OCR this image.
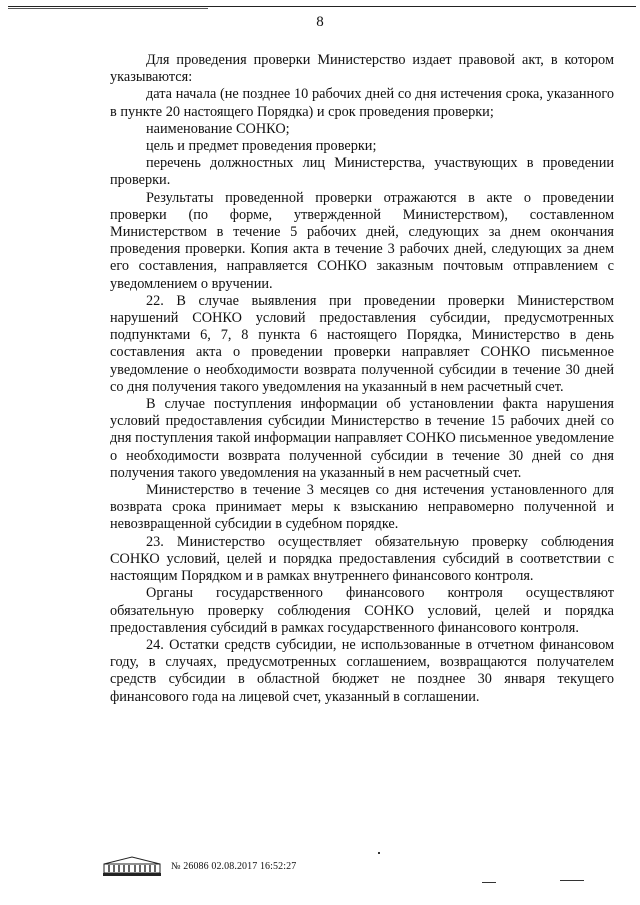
8

Для проведения проверки Министерство издает правовой акт, в котором указываются:

дата начала (не позднее 10 рабочих дней со дня истечения срока, указанного в пункте 20 настоящего Порядка) и срок проведения проверки;

наименование СОНКО;

цель и предмет проведения проверки;

перечень должностных лиц Министерства, участвующих в проведении проверки.

Результаты проведенной проверки отражаются в акте о проведении проверки (по форме, утвержденной Министерством), составленном Министерством в течение 5 рабочих дней, следующих за днем окончания проведения проверки. Копия акта в течение 3 рабочих дней, следующих за днем его составления, направляется СОНКО заказным почтовым отправлением с уведомлением о вручении.

22. В случае выявления при проведении проверки Министерством нарушений СОНКО условий предоставления субсидии, предусмотренных подпунктами 6, 7, 8 пункта 6 настоящего Порядка, Министерство в день составления акта о проведении проверки направляет СОНКО письменное уведомление о необходимости возврата полученной субсидии в течение 30 дней со дня получения такого уведомления на указанный в нем расчетный счет.

В случае поступления информации об установлении факта нарушения условий предоставления субсидии Министерство в течение 15 рабочих дней со дня поступления такой информации направляет СОНКО письменное уведомление о необходимости возврата полученной субсидии в течение 30 дней со дня получения такого уведомления на указанный в нем расчетный счет.

Министерство в течение 3 месяцев со дня истечения установленного для возврата срока принимает меры к взысканию неправомерно полученной и невозвращенной субсидии в судебном порядке.

23. Министерство осуществляет обязательную проверку соблюдения СОНКО условий, целей и порядка предоставления субсидий в соответствии с настоящим Порядком и в рамках внутреннего финансового контроля.

Органы государственного финансового контроля осуществляют обязательную проверку соблюдения СОНКО условий, целей и порядка предоставления субсидий в рамках государственного финансового контроля.

24. Остатки средств субсидии, не использованные в отчетном финансовом году, в случаях, предусмотренных соглашением, возвращаются получателем средств субсидии в областной бюджет не позднее 30 января текущего финансового года на лицевой счет, указанный в соглашении.

№ 26086 02.08.2017 16:52:27
